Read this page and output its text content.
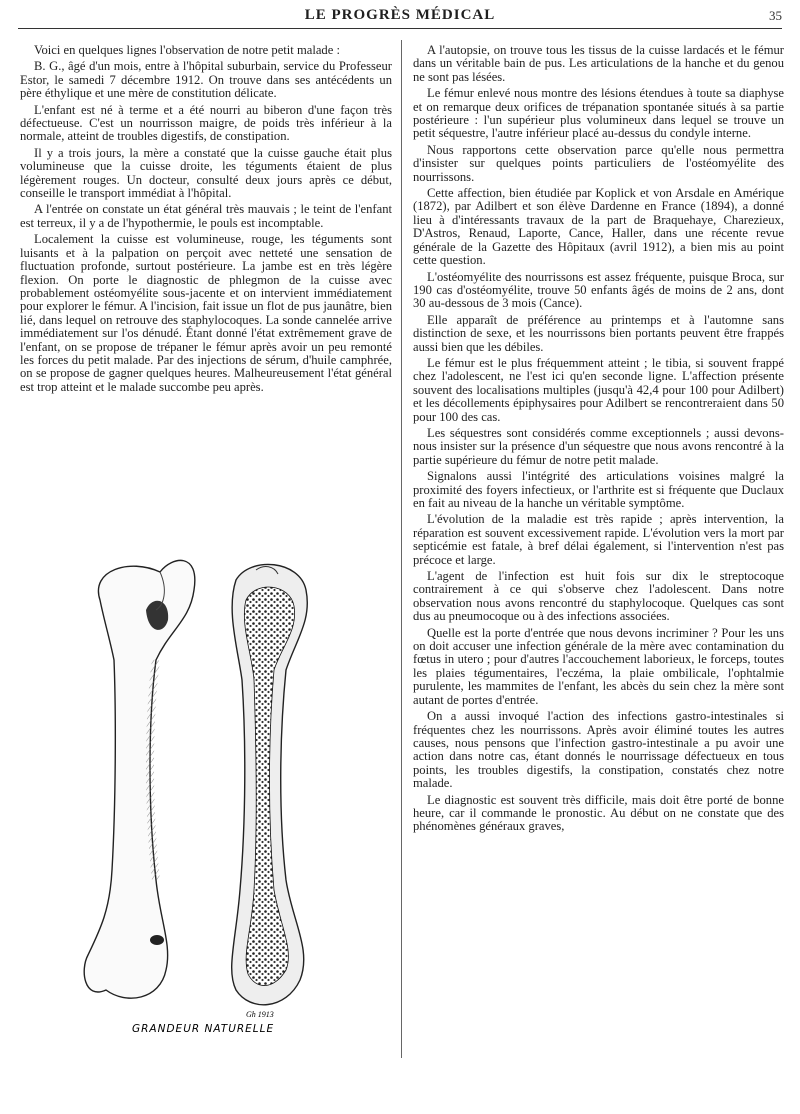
LE PROGRÈS MÉDICAL	35

Voici en quelques lignes l'observation de notre petit malade :

B. G., âgé d'un mois, entre à l'hôpital suburbain, service du Professeur Estor, le samedi 7 décembre 1912. On trouve dans ses antécédents un père éthylique et une mère de constitution délicate.

L'enfant est né à terme et a été nourri au biberon d'une façon très défectueuse. C'est un nourrisson maigre, de poids très inférieur à la normale, atteint de troubles digestifs, de constipation.

Il y a trois jours, la mère a constaté que la cuisse gauche était plus volumineuse que la cuisse droite, les téguments étaient de plus légèrement rouges. Un docteur, consulté deux jours après ce début, conseille le transport immédiat à l'hôpital.

A l'entrée on constate un état général très mauvais ; le teint de l'enfant est terreux, il y a de l'hypothermie, le pouls est incomptable.

Localement la cuisse est volumineuse, rouge, les téguments sont luisants et à la palpation on perçoit avec netteté une sensation de fluctuation profonde, surtout postérieure. La jambe est en très légère flexion. On porte le diagnostic de phlegmon de la cuisse avec probablement ostéomyélite sous-jacente et on intervient immédiatement pour explorer le fémur. A l'incision, fait issue un flot de pus jaunâtre, bien lié, dans lequel on retrouve des staphylocoques. La sonde cannelée arrive immédiatement sur l'os dénudé. Étant donné l'état extrêmement grave de l'enfant, on se propose de trépaner le fémur après avoir un peu remonté les forces du petit malade. Par des injections de sérum, d'huile camphrée, on se propose de gagner quelques heures. Malheureusement l'état général est trop atteint et le malade succombe peu après.

A l'autopsie, on trouve tous les tissus de la cuisse lardacés et le fémur dans un véritable bain de pus. Les articulations de la hanche et du genou ne sont pas lésées.

Le fémur enlevé nous montre des lésions étendues à toute sa diaphyse et on remarque deux orifices de trépanation spontanée situés à sa partie postérieure : l'un supérieur plus volumineux dans lequel se trouve un petit séquestre, l'autre inférieur placé au-dessus du condyle interne.

Nous rapportons cette observation parce qu'elle nous permettra d'insister sur quelques points particuliers de l'ostéomyélite des nourrissons.

Cette affection, bien étudiée par Koplick et von Arsdale en Amérique (1872), par Adilbert et son élève Dardenne en France (1894), a donné lieu à d'intéressants travaux de la part de Braquehaye, Charezieux, D'Astros, Renaud, Laporte, Cance, Haller, dans une récente revue générale de la Gazette des Hôpitaux (avril 1912), a bien mis au point cette question.

L'ostéomyélite des nourrissons est assez fréquente, puisque Broca, sur 190 cas d'ostéomyélite, trouve 50 enfants âgés de moins de 2 ans, dont 30 au-dessous de 3 mois (Cance).

Elle apparaît de préférence au printemps et à l'automne sans distinction de sexe, et les nourrissons bien portants peuvent être frappés aussi bien que les débiles.

Le fémur est le plus fréquemment atteint ; le tibia, si souvent frappé chez l'adolescent, ne l'est ici qu'en seconde ligne. L'affection présente souvent des localisations multiples (jusqu'à 42,4 pour 100 pour Adilbert) et les décollements épiphysaires pour Adilbert se rencontreraient dans 50 pour 100 des cas.

Les séquestres sont considérés comme exceptionnels ; aussi devons-nous insister sur la présence d'un séquestre que nous avons rencontré à la partie supérieure du fémur de notre petit malade.

Signalons aussi l'intégrité des articulations voisines malgré la proximité des foyers infectieux, or l'arthrite est si fréquente que Duclaux en fait au niveau de la hanche un véritable symptôme.

L'évolution de la maladie est très rapide ; après intervention, la réparation est souvent excessivement rapide. L'évolution vers la mort par septicémie est fatale, à bref délai également, si l'intervention n'est pas précoce et large.

L'agent de l'infection est huit fois sur dix le streptocoque contrairement à ce qui s'observe chez l'adolescent. Dans notre observation nous avons rencontré du staphylocoque. Quelques cas sont dus au pneumocoque ou à des infections associées.

Quelle est la porte d'entrée que nous devons incriminer ? Pour les uns on doit accuser une infection générale de la mère avec contamination du fœtus in utero ; pour d'autres l'accouchement laborieux, le forceps, toutes les plaies tégumentaires, l'eczéma, la plaie ombilicale, l'ophtalmie purulente, les mammites de l'enfant, les abcès du sein chez la mère sont autant de portes d'entrée.

On a aussi invoqué l'action des infections gastro-intestinales si fréquentes chez les nourrissons. Après avoir éliminé toutes les autres causes, nous pensons que l'infection gastro-intestinale a pu avoir une action dans notre cas, étant donnés le nourrissage défectueux en tous points, les troubles digestifs, la constipation, constatés chez notre malade.

Le diagnostic est souvent très difficile, mais doit être porté de bonne heure, car il commande le pronostic. Au début on ne constate que des phénomènes généraux graves,

Gh 1913
GRANDEUR NATURELLE
